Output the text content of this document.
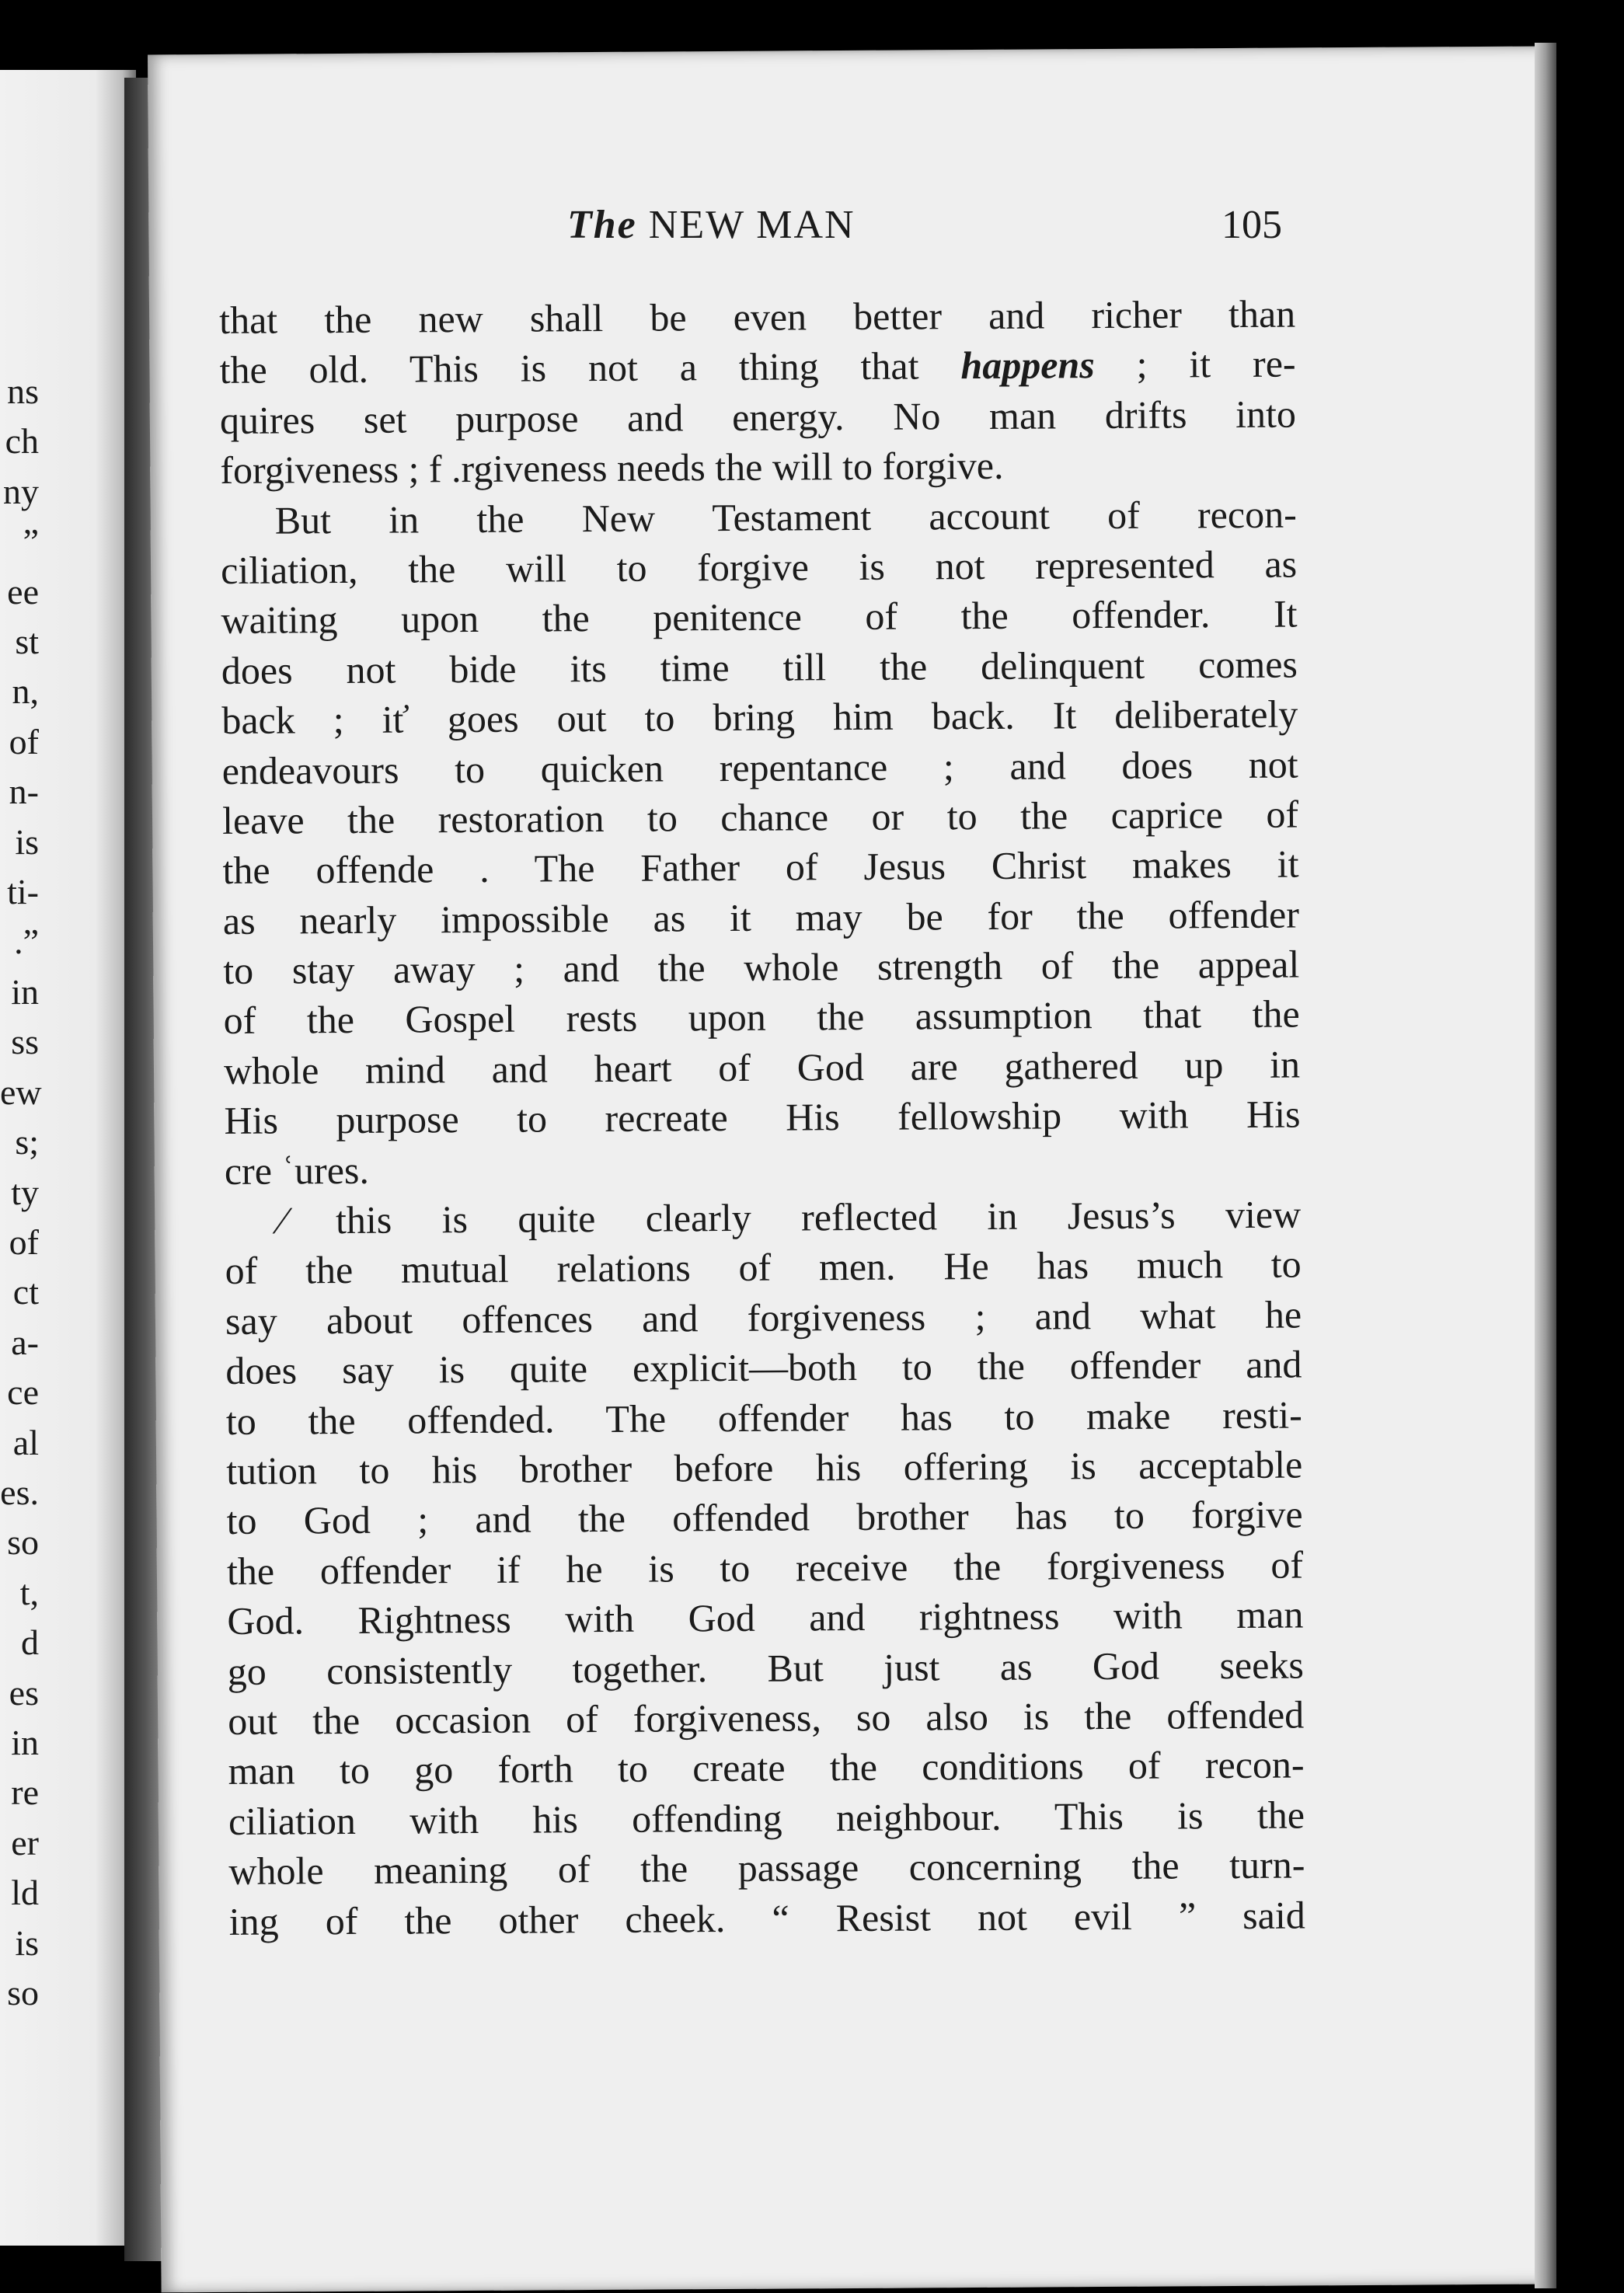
ns
ch
ny
”
ee
st
n,
of
n-
is
ti-
.”
in
ss
ew
s;
ty
of
ct
a-
ce
al
es.
so
t,
d
es
in
re
er
ld
is
so
The NEW MAN	105
that the new shall be even better and richer than
the old. This is not a thing that happens ; it re-
quires set purpose and energy. No man drifts into
forgiveness ; f .rgiveness needs the will to forgive.
But in the New Testament account of recon-
ciliation, the will to forgive is not represented as
waiting upon the penitence of the offender. It
does not bide its time till the delinquent comes
back ; iť goes out to bring him back. It deliberately
endeavours to quicken repentance ; and does not
leave the restoration to chance or to the caprice of
the offende . The Father of Jesus Christ makes it
as nearly impossible as it may be for the offender
to stay away ; and the whole strength of the appeal
of the Gospel rests upon the assumption that the
whole mind and heart of God are gathered up in
His purpose to recreate His fellowship with His
cre ʿures.
⁄ this is quite clearly reflected in Jesus’s view
of the mutual relations of men. He has much to
say about offences and forgiveness ; and what he
does say is quite explicit—both to the offender and
to the offended. The offender has to make resti-
tution to his brother before his offering is acceptable
to God ; and the offended brother has to forgive
the offender if he is to receive the forgiveness of
God. Rightness with God and rightness with man
go consistently together. But just as God seeks
out the occasion of forgiveness, so also is the offended
man to go forth to create the conditions of recon-
ciliation with his offending neighbour. This is the
whole meaning of the passage concerning the turn-
ing of the other cheek. “ Resist not evil ” said
